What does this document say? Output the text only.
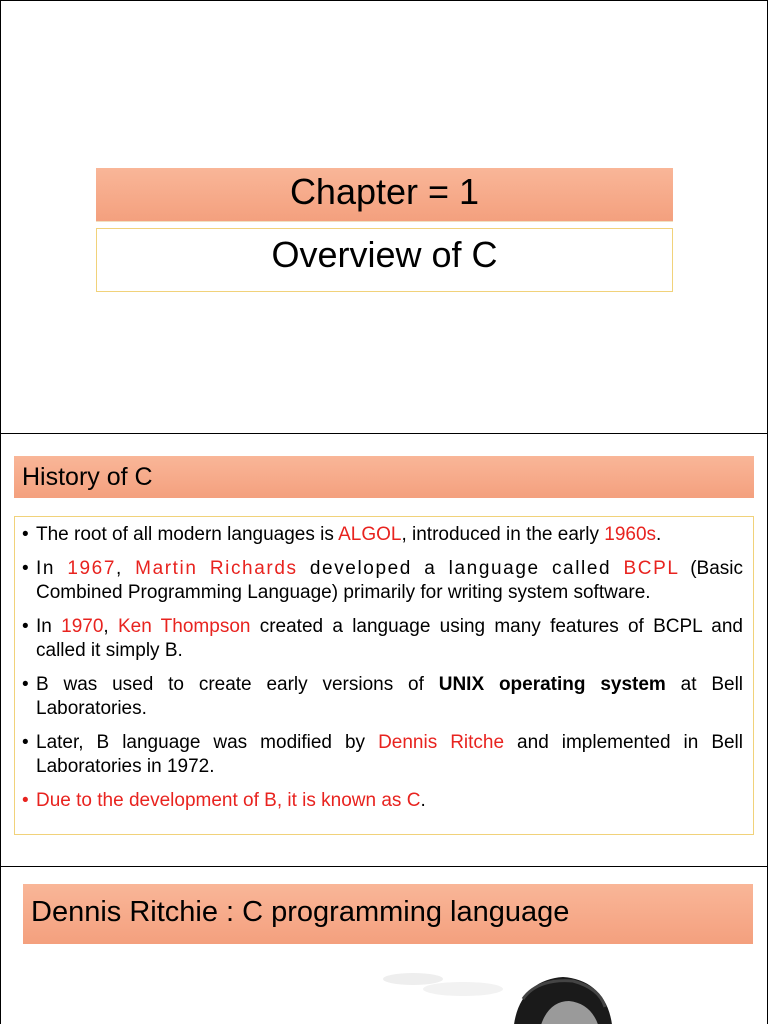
Chapter = 1
Overview of C
History of C
• The root of all modern languages is ALGOL, introduced in the early 1960s.
• In 1967, Martin Richards developed a language called BCPL (Basic Combined Programming Language) primarily for writing system software.
• In 1970, Ken Thompson created a language using many features of BCPL and called it simply B.
• B was used to create early versions of UNIX operating system at Bell Laboratories.
• Later, B language was modified by Dennis Ritche and implemented in Bell Laboratories in 1972.
• Due to the development of B, it is known as C.
Dennis Ritchie : C programming language
